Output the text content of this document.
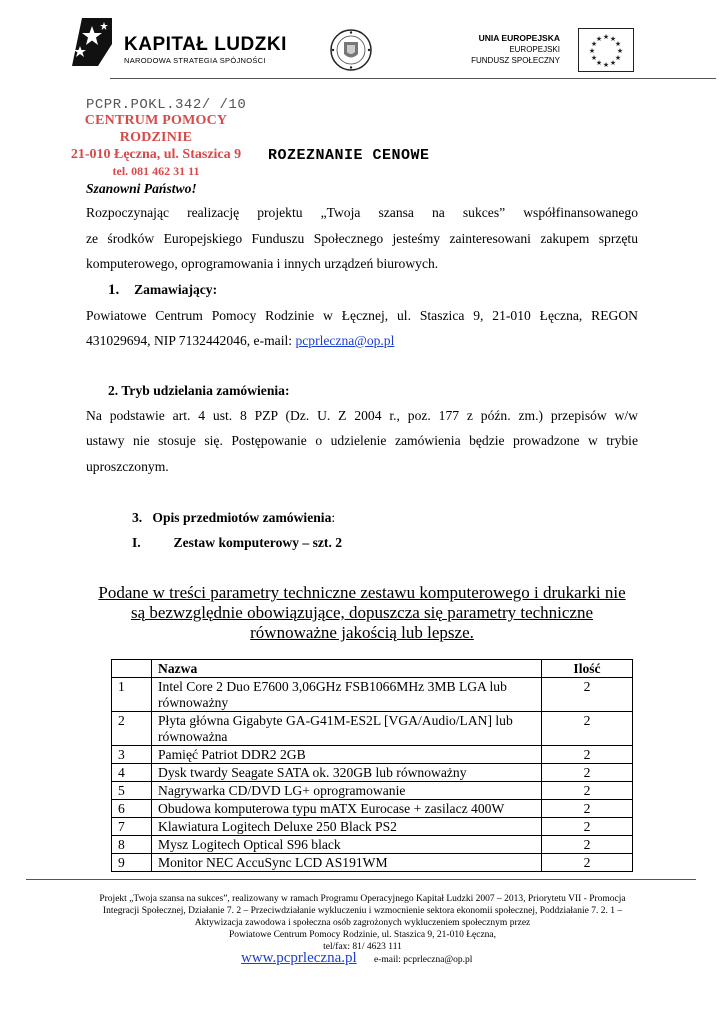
KAPITAŁ LUDZKI
NARODOWA STRATEGIA SPÓJNOŚCI
UNIA EUROPEJSKA
EUROPEJSKI
FUNDUSZ SPOŁECZNY
★ ★
★
★
★
★
★
★
★
★
★
★
PCPR.POKL.342/ /10
CENTRUM POMOCY RODZINIE
21-010 Łęczna, ul. Staszica 9
tel. 081 462 31 11
ROZEZNANIE CENOWE
Szanowni Państwo!
Rozpoczynając realizację projektu „Twoja szansa na sukces” współfinansowanego
ze środków Europejskiego Funduszu Społecznego jesteśmy zainteresowani zakupem sprzętu
komputerowego, oprogramowania i innych urządzeń biurowych.
1. Zamawiający:
Powiatowe Centrum Pomocy Rodzinie w Łęcznej, ul. Staszica 9, 21-010 Łęczna, REGON
431029694, NIP 7132442046, e-mail: pcprleczna@op.pl
2. Tryb udzielania zamówienia:
Na podstawie art. 4 ust. 8 PZP (Dz. U. Z 2004 r., poz. 177 z późn. zm.) przepisów w/w
ustawy nie stosuje się. Postępowanie o udzielenie zamówienia będzie prowadzone w trybie
uproszczonym.
3.   Opis przedmiotów zamówienia:
I. Zestaw komputerowy – szt. 2
Podane w treści parametry techniczne zestawu komputerowego i drukarki nie
są bezwzględnie obowiązujące, dopuszcza się parametry techniczne
równoważne jakością lub lepsze.
	Nazwa	Ilość
1	Intel Core 2 Duo E7600 3,06GHz FSB1066MHz 3MB LGA lub równoważny	2
2	Płyta główna Gigabyte GA-G41M-ES2L [VGA/Audio/LAN] lub równoważna	2
3	Pamięć Patriot DDR2 2GB	2
4	Dysk twardy Seagate SATA ok. 320GB lub równoważny	2
5	Nagrywarka CD/DVD LG+ oprogramowanie	2
6	Obudowa komputerowa typu mATX Eurocase + zasilacz 400W	2
7	Klawiatura Logitech Deluxe 250 Black PS2	2
8	Mysz Logitech Optical S96 black	2
9	Monitor NEC AccuSync LCD AS191WM	2
Projekt „Twoja szansa na sukces”, realizowany w ramach Programu Operacyjnego Kapitał Ludzki 2007 – 2013, Priorytetu VII - Promocja
Integracji Społecznej, Działanie 7. 2 – Przeciwdziałanie wykluczeniu i wzmocnienie sektora ekonomii społecznej, Poddziałanie 7. 2. 1 –
Aktywizacja zawodowa i społeczna osób zagrożonych wykluczeniem społecznym przez
Powiatowe Centrum Pomocy Rodzinie, ul. Staszica 9, 21-010 Łęczna,
tel/fax: 81/ 4623 111
www.pcprleczna.pl e-mail: pcprleczna@op.pl
